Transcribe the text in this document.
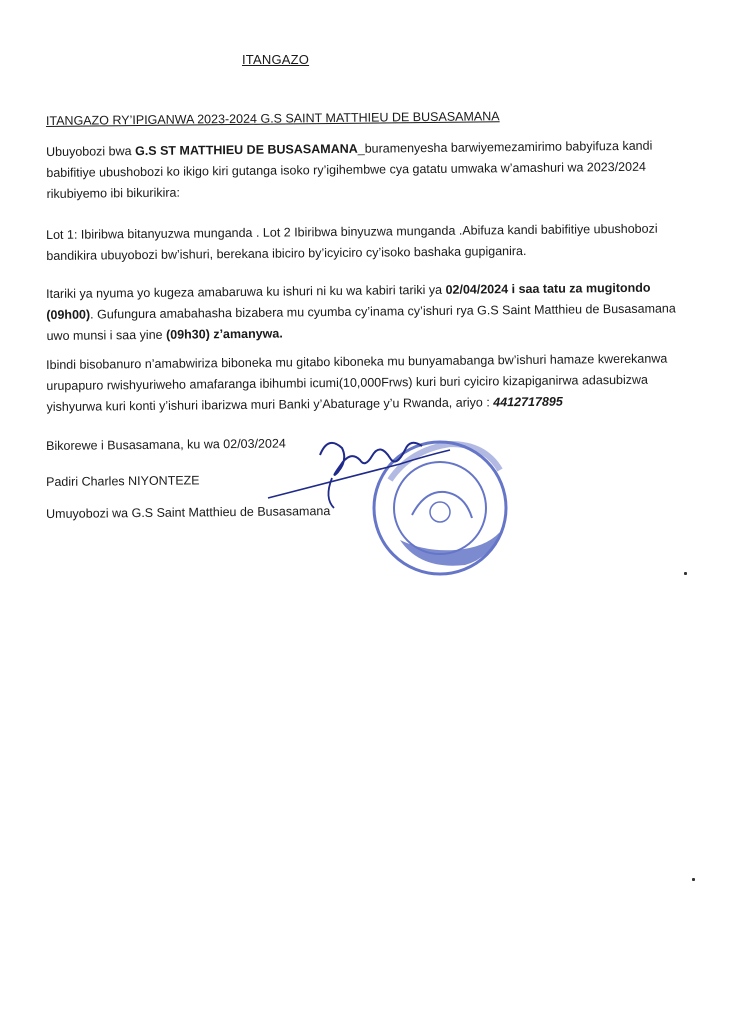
ITANGAZO
ITANGAZO RY’IPIGANWA 2023-2024 G.S SAINT MATTHIEU DE BUSASAMANA
Ubuyobozi bwa G.S ST MATTHIEU DE BUSASAMANA_buramenyesha barwiyemezamirimo babyifuza kandi
babifitiye ubushobozi ko ikigo kiri gutanga isoko ry’igihembwe cya gatatu umwaka w’amashuri wa 2023/2024
rikubiyemo ibi bikurikira:
Lot 1: Ibiribwa bitanyuzwa munganda . Lot 2 Ibiribwa binyuzwa munganda .Abifuza kandi babifitiye ubushobozi
bandikira ubuyobozi bw’ishuri, berekana ibiciro by’icyiciro cy’isoko bashaka gupiganira.
Itariki ya nyuma yo kugeza amabaruwa ku ishuri ni ku wa kabiri tariki ya 02/04/2024 i saa tatu za mugitondo
(09h00). Gufungura amabahasha bizabera mu cyumba cy’inama cy’ishuri rya G.S Saint Matthieu de Busasamana
uwo munsi i saa yine (09h30) z’amanywa.
Ibindi bisobanuro n’amabwiriza biboneka mu gitabo kiboneka mu bunyamabanga bw’ishuri hamaze kwerekanwa
urupapuro rwishyuriweho amafaranga ibihumbi icumi(10,000Frws) kuri buri cyiciro kizapiganirwa adasubizwa
yishyurwa kuri konti y’ishuri ibarizwa muri Banki y’Abaturage y’u Rwanda, ariyo : 4412717895
Bikorewe i Busasamana, ku wa 02/03/2024
Padiri Charles NIYONTEZE
Umuyobozi wa G.S Saint Matthieu de Busasamana
